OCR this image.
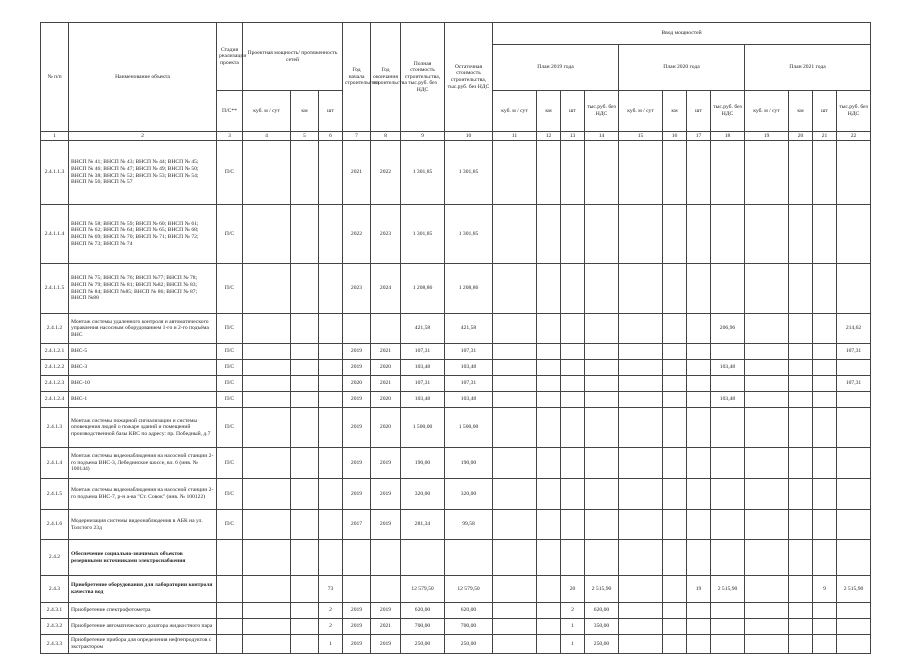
№ п/п	Наименование объекта	Стадия реализации проекта	Проектная мощность/ протяженность сетей			Год начала строительства	Год окончания строительства	Полная стоимость строительства, тыс.руб. без НДС	Остаточная стоимость строительства, тыс.руб. без НДС	Ввод мощностей											
										План 2019 года				План 2020 года				План 2021 года			
		П/С**	куб. м / сут	км	шт					куб. м / сут	км	шт	тыс.руб. без НДС	куб. м / сут	км	шт	тыс.руб. без НДС	куб. м / сут	км	шт	тыс.руб. без НДС
1	2	3	4	5	6	7	8	9	10	11	12	13	14	15	16	17	18	19	20	21	22
2.4.1.1.3	ВНСП № 41; ВНСП № 43; ВНСП № 44; ВНСП № 45; ВНСП № 46; ВНСП № 47; ВНСП № 49; ВНСП № 50; ВНСП № 38; ВНСП № 52; ВНСП № 53; ВНСП № 54; ВНСП № 56; ВНСП № 57	П/С				2021	2022	1 301,85	1 301,85												
2.4.1.1.4	ВНСП № 58; ВНСП № 59; ВНСП № 60; ВНСП № 61; ВНСП № 62; ВНСП № 64; ВНСП № 65; ВНСП № 68; ВНСП № 69; ВНСП № 70; ВНСП № 71; ВНСП № 72; ВНСП № 73; ВНСП № 74	П/С				2022	2023	1 301,85	1 301,85												
2.4.1.1.5	ВНСП № 75; ВНСП № 76; ВНСП №77; ВНСП № 78; ВНСП № 79; ВНСП № 81; ВНСП №82; ВНСП № 83; ВНСП № 84; ВНСП №85; ВНСП № 86; ВНСП № 87; ВНСП №88	П/С				2023	2024	1 208,86	1 208,86												
2.4.1.2	Монтаж системы удаленного контроля и автоматического управления насосным оборудованием 1-го и 2-го подъёма ВНС	П/С						421,58	421,58								206,96				214,62
2.4.1.2.1	ВНС-5	П/С				2019	2021	107,31	107,31												107,31
2.4.1.2.2	ВНС-3	П/С				2019	2020	103,48	103,48								103,48				
2.4.1.2.3	ВНС-10	П/С				2020	2021	107,31	107,31												107,31
2.4.1.2.4	ВНС-1	П/С				2019	2020	103,48	103,48								103,48				
2.4.1.3	Монтаж системы пожарной сигнализации и системы оповещения людей о пожаре зданий и помещений производственной базы КВС по адресу: пр. Победный, д.7	П/С				2019	2020	1 500,00	1 500,00												
2.4.1.4	Монтаж системы видеонаблюдения на насосной станции 2-го подъема ВНС-3, Лебединское шоссе, вл. 6 (инв. № 100144)	П/С				2019	2019	190,00	190,00												
2.4.1.5	Монтаж системы видеонаблюдения на насосной станции 2-го подъема ВНС-7, р-н а-ва "Ст. Совок" (инв. № 100122)	П/С				2019	2019	320,00	320,00												
2.4.1.6	Модернизация системы видеонаблюдения в АБК на ул. Толстого 23д	П/С				2017	2019	281,34	99,58												
2.4.2	Обеспечение социально-значимых объектов резервными источниками электроснабжения																				
2.4.3	Приобретение оборудования для лаборатории контроля качества вод				73			12 579,50	12 579,50			20	2 515,90			19	2 515,90			9	2 515,90
2.4.3.1	Приобретение спектрофотометра				2	2019	2019	620,00	620,00			2	620,00								
2.4.3.2	Приобретение автоматического дозатора жидкостного пара				2	2019	2021	700,00	700,00			1	350,00								
2.4.3.3	Приобретение прибора для определения нефтепродуктов с экстрактором				1	2019	2019	250,00	250,00			1	250,00								
